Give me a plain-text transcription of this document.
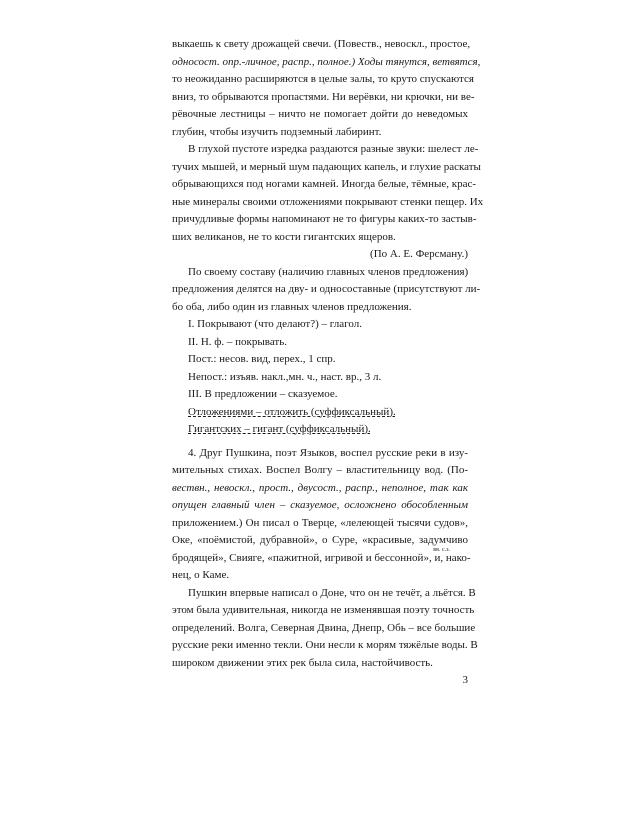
выкаешь к свету дрожащей свечи. (Повеств., невоскл., простое,
односост. опр.-личное, распр., полное.) Ходы тянутся, ветвятся,
то неожиданно расширяются в целые залы, то круто спускаются
вниз, то обрываются пропастями. Ни верёвки, ни крючки, ни ве-
рёвочные лестницы – ничто не помогает дойти до неведомых
глубин, чтобы изучить подземный лабиринт.
В глухой пустоте изредка раздаются разные звуки: шелест ле-
тучих мышей, и мерный шум падающих капель, и глухие раскаты
обрывающихся под ногами камней. Иногда белые, тёмные, крас-
ные минералы своими отложениями покрывают стенки пещер. Их
причудливые формы напоминают не то фигуры каких-то застыв-
ших великанов, не то кости гигантских ящеров.
(По А. Е. Ферсману.)
По своему составу (наличию главных членов предложения)
предложения делятся на дву- и односоставные (присутствуют ли-
бо оба, либо один из главных членов предложения.
I. Покрывают (что делают?) – глагол.
II. Н. ф. – покрывать.
Пост.: несов. вид, перех., 1 спр.
Непост.: изъяв. накл.,мн. ч., наст. вр., 3 л.
III. В предложении – сказуемое.
Отложениями – отложить (суффиксальный).
Гигантских – гигант (суффиксальный).
4. Друг Пушкина, поэт Языков, воспел русские реки в изу-
мительных стихах. Воспел Волгу – властительницу вод. (По-
вествн., невоскл., прост., двусост., распр., неполное, так как
опущен главный член – сказуемое, осложнено обособленным
приложением.) Он писал о Тверце, «лелеющей тысячи судов»,
Оке, «поёмистой, дубравной», о Суре, «красивые, задумчиво
бродящей», Свияге, «пажитной, игривой и бессонной», и, нако-
вв. с.з.
нец, о Каме.
Пушкин впервые написал о Доне, что он не течёт, а льётся. В
этом была удивительная, никогда не изменявшая поэту точность
определений. Волга, Северная Двина, Днепр, Обь – все большие
русские реки именно текли. Они несли к морям тяжёлые воды. В
широком движении этих рек была сила, настойчивость.
3
